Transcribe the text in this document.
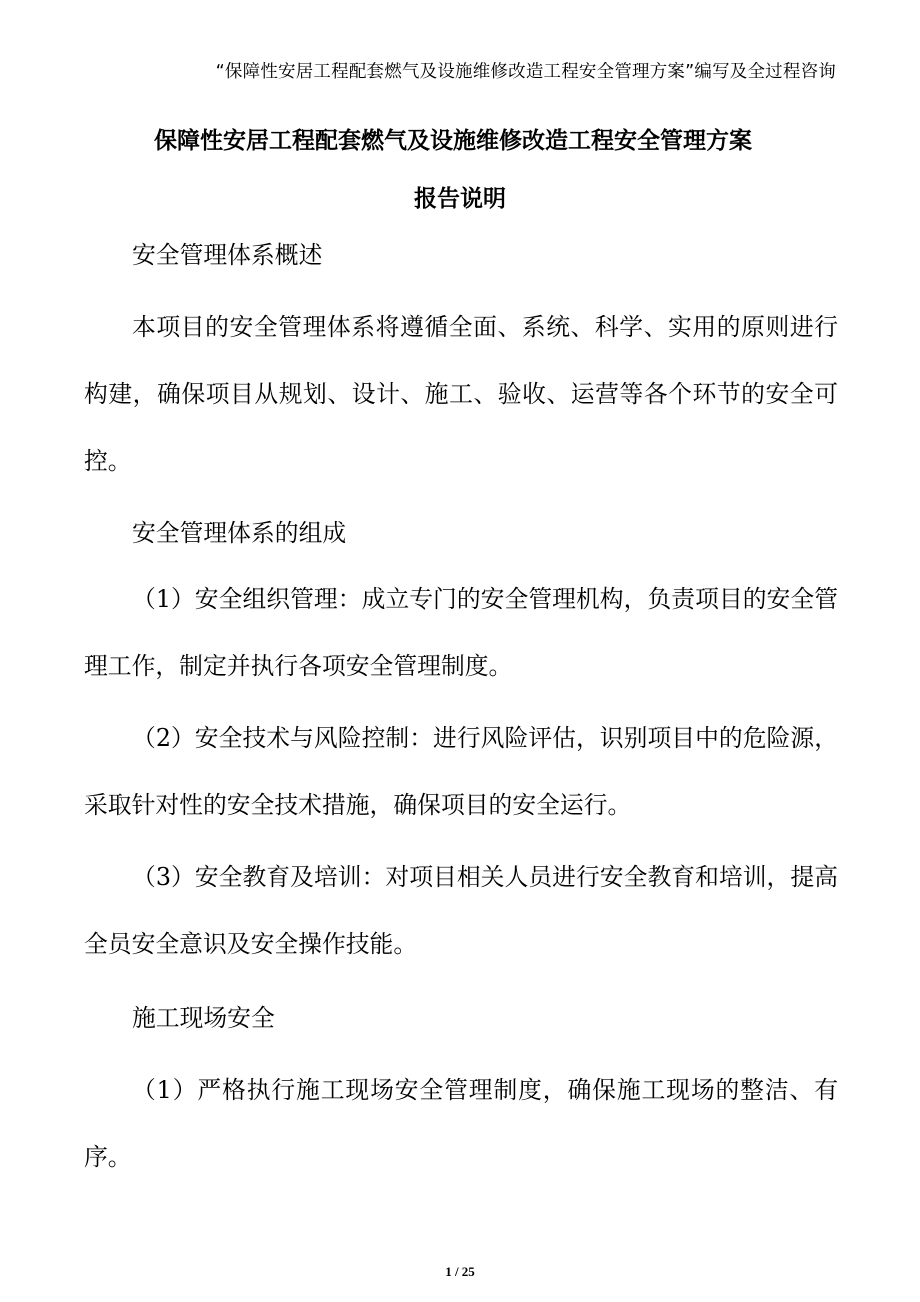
“保障性安居工程配套燃气及设施维修改造工程安全管理方案”编写及全过程咨询
保障性安居工程配套燃气及设施维修改造工程安全管理方案
报告说明
安全管理体系概述
本项目的安全管理体系将遵循全面、系统、科学、实用的原则进行构建，确保项目从规划、设计、施工、验收、运营等各个环节的安全可控。
安全管理体系的组成
（1）安全组织管理：成立专门的安全管理机构，负责项目的安全管理工作，制定并执行各项安全管理制度。
（2）安全技术与风险控制：进行风险评估，识别项目中的危险源，采取针对性的安全技术措施，确保项目的安全运行。
（3）安全教育及培训：对项目相关人员进行安全教育和培训，提高全员安全意识及安全操作技能。
施工现场安全
（1）严格执行施工现场安全管理制度，确保施工现场的整洁、有序。
1 / 25
